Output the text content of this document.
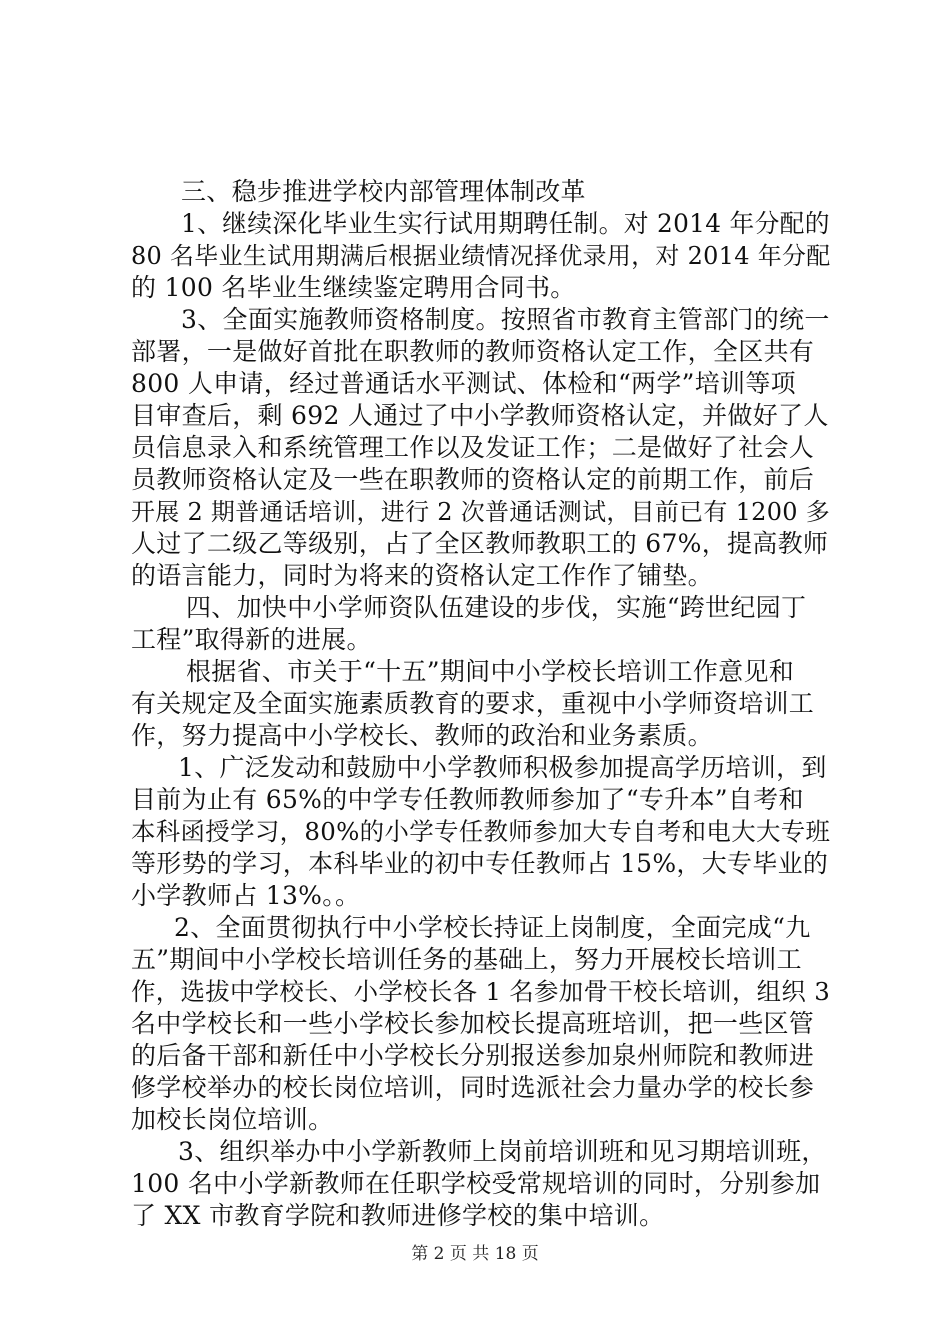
三、稳步推进学校内部管理体制改革
1、继续深化毕业生实行试用期聘任制。对 2014 年分配的
80 名毕业生试用期满后根据业绩情况择优录用，对 2014 年分配
的 100 名毕业生继续鉴定聘用合同书。
3、全面实施教师资格制度。按照省市教育主管部门的统一
部署，一是做好首批在职教师的教师资格认定工作，全区共有
800 人申请，经过普通话水平测试、体检和“两学”培训等项
目审查后，剩 692 人通过了中小学教师资格认定，并做好了人
员信息录入和系统管理工作以及发证工作；二是做好了社会人
员教师资格认定及一些在职教师的资格认定的前期工作，前后
开展 2 期普通话培训，进行 2 次普通话测试，目前已有 1200 多
人过了二级乙等级别，占了全区教师教职工的 67%，提高教师
的语言能力，同时为将来的资格认定工作作了铺垫。
四、加快中小学师资队伍建设的步伐，实施“跨世纪园丁
工程”取得新的进展。
根据省、市关于“十五”期间中小学校长培训工作意见和
有关规定及全面实施素质教育的要求，重视中小学师资培训工
作，努力提高中小学校长、教师的政治和业务素质。
1、广泛发动和鼓励中小学教师积极参加提高学历培训，到
目前为止有 65%的中学专任教师教师参加了“专升本”自考和
本科函授学习，80%的小学专任教师参加大专自考和电大大专班
等形势的学习，本科毕业的初中专任教师占 15%，大专毕业的
小学教师占 13%。。
2、全面贯彻执行中小学校长持证上岗制度，全面完成“九
五”期间中小学校长培训任务的基础上，努力开展校长培训工
作，选拔中学校长、小学校长各 1 名参加骨干校长培训，组织 3
名中学校长和一些小学校长参加校长提高班培训，把一些区管
的后备干部和新任中小学校长分别报送参加泉州师院和教师进
修学校举办的校长岗位培训，同时选派社会力量办学的校长参
加校长岗位培训。
3、组织举办中小学新教师上岗前培训班和见习期培训班，
100 名中小学新教师在任职学校受常规培训的同时，分别参加
了 XX 市教育学院和教师进修学校的集中培训。
第 2 页 共 18 页
